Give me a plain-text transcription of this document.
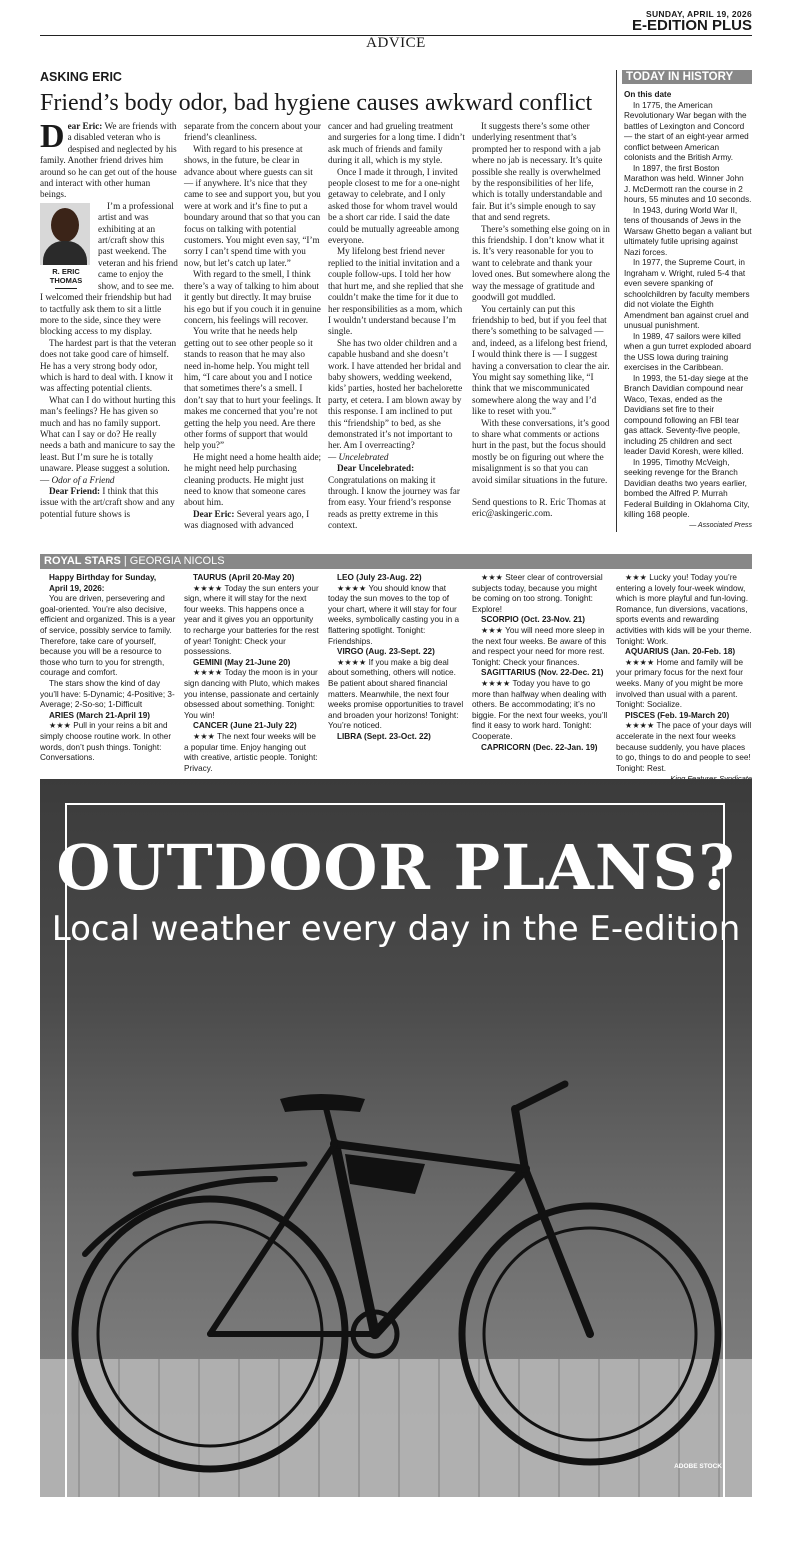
SUNDAY, APRIL 19, 2026
E-EDITION PLUS
ADVICE
ASKING ERIC
Friend’s body odor, bad hygiene causes awkward conflict
D ear Eric: We are friends with a disabled veteran who is despised and neglected by his family. Another friend drives him around so he can get out of the house and interact with other human beings.

R. ERIC THOMAS

I’m a professional artist and was exhibiting at an art/craft show this past weekend. The veteran and his friend came to enjoy the show, and to see me. I welcomed their friendship but had to tactfully ask them to sit a little more to the side, since they were blocking access to my display.

The hardest part is that the veteran does not take good care of himself. He has a very strong body odor, which is hard to deal with. I know it was affecting potential clients.

What can I do without hurting this man’s feelings? He has given so much and has no family support. What can I say or do? He really needs a bath and manicure to say the least. But I’m sure he is totally unaware. Please suggest a solution. — Odor of a Friend

Dear Friend: I think that this issue with the art/craft show and any potential future shows is

separate from the concern about your friend’s cleanliness.

With regard to his presence at shows, in the future, be clear in advance about where guests can sit — if anywhere. It’s nice that they came to see and support you, but you were at work and it’s fine to put a boundary around that so that you can focus on talking with potential customers. You might even say, “I’m sorry I can’t spend time with you now, but let’s catch up later.”

With regard to the smell, I think there’s a way of talking to him about it gently but directly. It may bruise his ego but if you couch it in genuine concern, his feelings will recover.

You write that he needs help getting out to see other people so it stands to reason that he may also need in-home help. You might tell him, “I care about you and I notice that sometimes there’s a smell. I don’t say that to hurt your feelings. It makes me concerned that you’re not getting the help you need. Are there other forms of support that would help you?”

He might need a home health aide; he might need help purchasing cleaning products. He might just need to know that someone cares about him.

Dear Eric: Several years ago, I was diagnosed with advanced

cancer and had grueling treatment and surgeries for a long time. I didn’t ask much of friends and family during it all, which is my style.

Once I made it through, I invited people closest to me for a one-night getaway to celebrate, and I only asked those for whom travel would be a short car ride. I said the date could be mutually agreeable among everyone.

My lifelong best friend never replied to the initial invitation and a couple follow-ups. I told her how that hurt me, and she replied that she couldn’t make the time for it due to her responsibilities as a mom, which I wouldn’t understand because I’m single.

She has two older children and a capable husband and she doesn’t work. I have attended her bridal and baby showers, wedding weekend, kids’ parties, hosted her bachelorette party, et cetera. I am blown away by this response. I am inclined to put this “friendship” to bed, as she demonstrated it’s not important to her. Am I overreacting?

— Uncelebrated

Dear Uncelebrated: Congratulations on making it through. I know the journey was far from easy. Your friend’s response reads as pretty extreme in this context.

It suggests there’s some other underlying resentment that’s prompted her to respond with a jab where no jab is necessary. It’s quite possible she really is overwhelmed by the responsibilities of her life, which is totally understandable and fair. But it’s simple enough to say that and send regrets.

There’s something else going on in this friendship. I don’t know what it is. It’s very reasonable for you to want to celebrate and thank your loved ones. But somewhere along the way the message of gratitude and goodwill got muddled.

You certainly can put this friendship to bed, but if you feel that there’s something to be salvaged — and, indeed, as a lifelong best friend, I would think there is — I suggest having a conversation to clear the air. You might say something like, “I think that we miscommunicated somewhere along the way and I’d like to reset with you.”

With these conversations, it’s good to share what comments or actions hurt in the past, but the focus should mostly be on figuring out where the misalignment is so that you can avoid similar situations in the future.

Send questions to R. Eric Thomas at eric@askingeric.com.

TODAY IN HISTORY

On this date

In 1775, the American Revolutionary War began with the battles of Lexington and Concord — the start of an eight-year armed conflict between American colonists and the British Army.

In 1897, the first Boston Marathon was held. Winner John J. McDermott ran the course in 2 hours, 55 minutes and 10 seconds.

In 1943, during World War II, tens of thousands of Jews in the Warsaw Ghetto began a valiant but ultimately futile uprising against Nazi forces.

In 1977, the Supreme Court, in Ingraham v. Wright, ruled 5-4 that even severe spanking of schoolchildren by faculty members did not violate the Eighth Amendment ban against cruel and unusual punishment.

In 1989, 47 sailors were killed when a gun turret exploded aboard the USS Iowa during training exercises in the Caribbean.

In 1993, the 51-day siege at the Branch Davidian compound near Waco, Texas, ended as the Davidians set fire to their compound following an FBI tear gas attack. Seventy-five people, including 25 children and sect leader David Koresh, were killed.

In 1995, Timothy McVeigh, seeking revenge for the Branch Davidian deaths two years earlier, bombed the Alfred P. Murrah Federal Building in Oklahoma City, killing 168 people.

— Associated Press

ROYAL STARS | GEORGIA NICOLS

Happy Birthday for Sunday, April 19, 2026:

You are driven, persevering and goal-oriented. You’re also decisive, efficient and organized. This is a year of service, possibly service to family. Therefore, take care of yourself, because you will be a resource to those who turn to you for strength, courage and comfort.

The stars show the kind of day you’ll have: 5-Dynamic; 4-Positive; 3-Average; 2-So-so; 1-Difficult

ARIES (March 21-April 19)

★★★ Pull in your reins a bit and simply choose routine work. In other words, don’t push things. Tonight: Conversations.

TAURUS (April 20-May 20)

★★★★ Today the sun enters your sign, where it will stay for the next four weeks. This happens once a year and it gives you an opportunity to recharge your batteries for the rest of year! Tonight: Check your possessions.

GEMINI (May 21-June 20)

★★★★ Today the moon is in your sign dancing with Pluto, which makes you intense, passionate and certainly obsessed about something. Tonight: You win!

CANCER (June 21-July 22)

★★★ The next four weeks will be a popular time. Enjoy hanging out with creative, artistic people. Tonight: Privacy.

LEO (July 23-Aug. 22)

★★★★ You should know that today the sun moves to the top of your chart, where it will stay for four weeks, symbolically casting you in a flattering spotlight. Tonight: Friendships.

VIRGO (Aug. 23-Sept. 22)

★★★★ If you make a big deal about something, others will notice. Be patient about shared financial matters. Meanwhile, the next four weeks promise opportunities to travel and broaden your horizons! Tonight: You’re noticed.

LIBRA (Sept. 23-Oct. 22)

★★★ Steer clear of controversial subjects today, because you might be coming on too strong. Tonight: Explore!

SCORPIO (Oct. 23-Nov. 21)

★★★ You will need more sleep in the next four weeks. Be aware of this and respect your need for more rest. Tonight: Check your finances.

SAGITTARIUS (Nov. 22-Dec. 21)

★★★★ Today you have to go more than halfway when dealing with others. Be accommodating; it’s no biggie. For the next four weeks, you’ll find it easy to work hard. Tonight: Cooperate.

CAPRICORN (Dec. 22-Jan. 19)

★★★ Lucky you! Today you’re entering a lovely four-week window, which is more playful and fun-loving. Romance, fun diversions, vacations, sports events and rewarding activities with kids will be your theme. Tonight: Work.

AQUARIUS (Jan. 20-Feb. 18)

★★★★ Home and family will be your primary focus for the next four weeks. Many of you might be more involved than usual with a parent. Tonight: Socialize.

PISCES (Feb. 19-March 20)

★★★★ The pace of your days will accelerate in the next four weeks because suddenly, you have places to go, things to do and people to see! Tonight: Rest.

OUTDOOR PLANS?
Local weather every day in the E-edition
ADOBE STOCK
